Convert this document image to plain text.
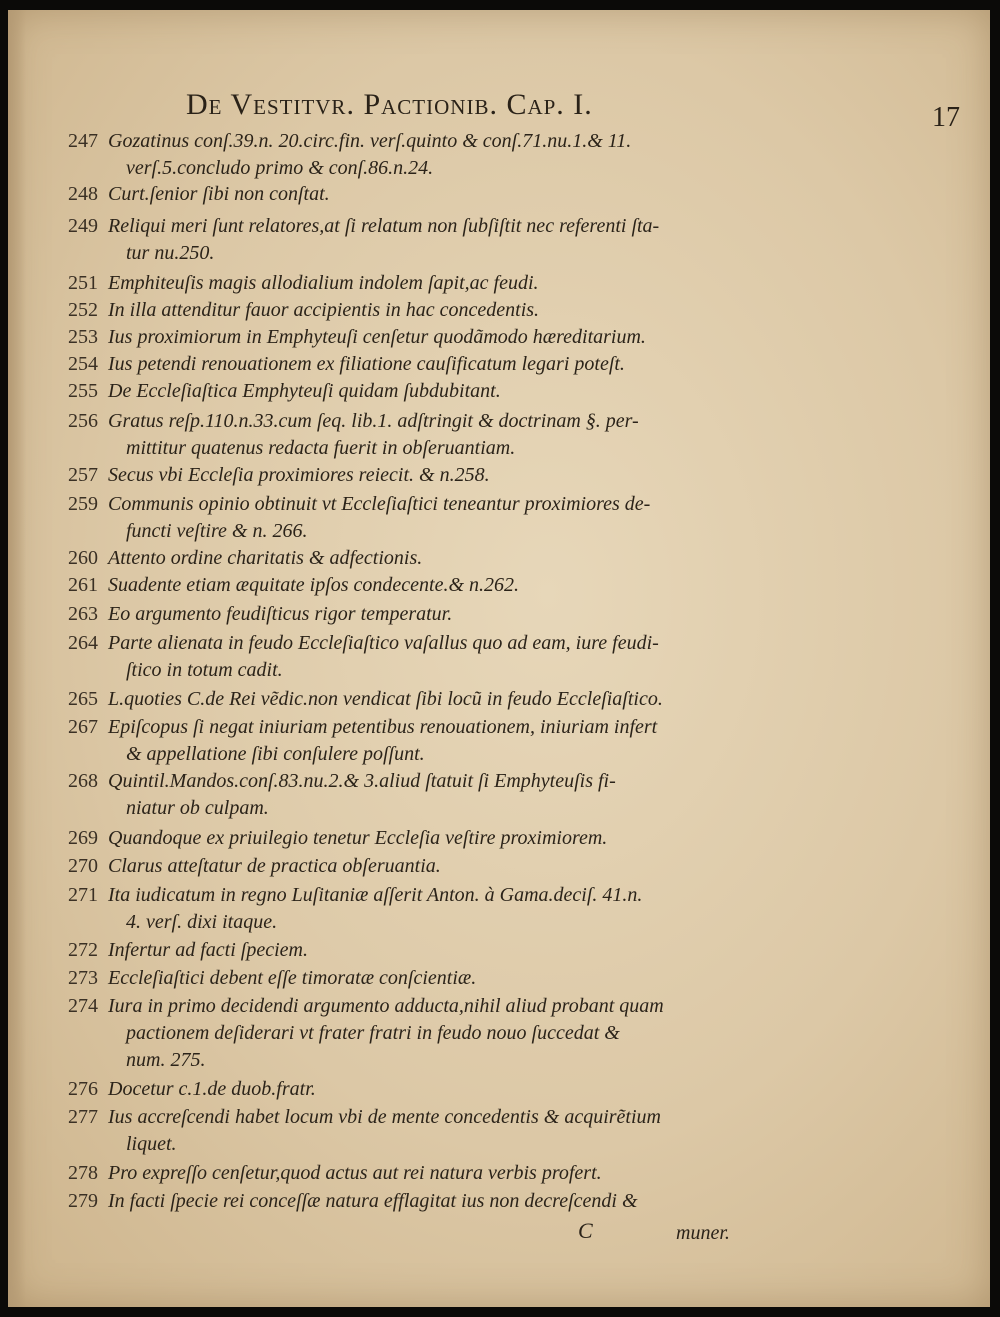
De Vestitvr. Pactionib. Cap. I.	17
247 Gozatinus conſ.39.n. 20.circ.fin. verſ.quinto & conſ.71.nu.1.& 11.
verſ.5.concludo primo & conſ.86.n.24.
248 Curt.ſenior ſibi non conſtat.
249 Reliqui meri ſunt relatores,at ſi relatum non ſubſiſtit nec referenti ſta-
tur nu.250.
251 Emphiteuſis magis allodialium indolem ſapit,ac feudi.
252 In illa attenditur fauor accipientis in hac concedentis.
253 Ius proximiorum in Emphyteuſi cenſetur quodãmodo hæreditarium.
254 Ius petendi renouationem ex filiatione cauſificatum legari poteſt.
255 De Eccleſiaſtica Emphyteuſi quidam ſubdubitant.
256 Gratus reſp.110.n.33.cum ſeq. lib.1. adſtringit & doctrinam §. per-
mittitur quatenus redacta fuerit in obſeruantiam.
257 Secus vbi Eccleſia proximiores reiecit. & n.258.
259 Communis opinio obtinuit vt Eccleſiaſtici teneantur proximiores de-
functi veſtire & n. 266.
260 Attento ordine charitatis & adfectionis.
261 Suadente etiam æquitate ipſos condecente.& n.262.
263 Eo argumento feudiſticus rigor temperatur.
264 Parte alienata in feudo Eccleſiaſtico vaſallus quo ad eam, iure feudi-
ſtico in totum cadit.
265 L.quoties C.de Rei vẽdic.non vendicat ſibi locũ in feudo Eccleſiaſtico.
267 Epiſcopus ſi negat iniuriam petentibus renouationem, iniuriam infert
& appellatione ſibi conſulere poſſunt.
268 Quintil.Mandos.conſ.83.nu.2.& 3.aliud ſtatuit ſi Emphyteuſis fi-
niatur ob culpam.
269 Quandoque ex priuilegio tenetur Eccleſia veſtire proximiorem.
270 Clarus atteſtatur de practica obſeruantia.
271 Ita iudicatum in regno Luſitaniæ aſſerit Anton. à Gama.deciſ. 41.n.
4. verſ. dixi itaque.
272 Infertur ad facti ſpeciem.
273 Eccleſiaſtici debent eſſe timoratæ conſcientiæ.
274 Iura in primo decidendi argumento adducta,nihil aliud probant quam
pactionem deſiderari vt frater fratri in feudo nouo ſuccedat &
num. 275.
276 Docetur c.1.de duob.fratr.
277 Ius accreſcendi habet locum vbi de mente concedentis & acquirẽtium
liquet.
278 Pro expreſſo cenſetur,quod actus aut rei natura verbis profert.
279 In facti ſpecie rei conceſſæ natura efflagitat ius non decreſcendi &
C	muner.
